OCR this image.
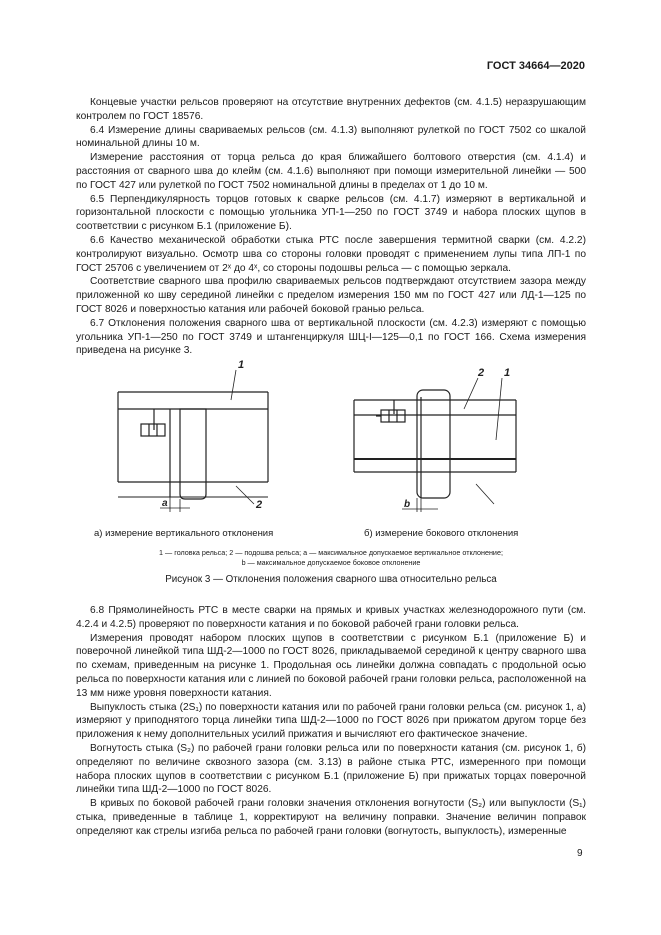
ГОСТ 34664—2020

Концевые участки рельсов проверяют на отсутствие внутренних дефектов (см. 4.1.5) неразрушающим контролем по ГОСТ 18576.

6.4 Измерение длины свариваемых рельсов (см. 4.1.3) выполняют рулеткой по ГОСТ 7502 со шкалой номинальной длины 10 м.

Измерение расстояния от торца рельса до края ближайшего болтового отверстия (см. 4.1.4) и расстояния от сварного шва до клейм (см. 4.1.6) выполняют при помощи измерительной линейки — 500 по ГОСТ 427 или рулеткой по ГОСТ 7502 номинальной длины в пределах от 1 до 10 м.

6.5 Перпендикулярность торцов готовых к сварке рельсов (см. 4.1.7) измеряют в вертикальной и горизонтальной плоскости с помощью угольника УП-1—250 по ГОСТ 3749 и набора плоских щупов в соответствии с рисунком Б.1 (приложение Б).

6.6 Качество механической обработки стыка РТС после завершения термитной сварки (см. 4.2.2) контролируют визуально. Осмотр шва со стороны головки проводят с применением лупы типа ЛП-1 по ГОСТ 25706 с увеличением от 2ˣ до 4ˣ, со стороны подошвы рельса — с помощью зеркала.

Соответствие сварного шва профилю свариваемых рельсов подтверждают отсутствием зазора между приложенной ко шву серединой линейки с пределом измерения 150 мм по ГОСТ 427 или ЛД-1—125 по ГОСТ 8026 и поверхностью катания или рабочей боковой гранью рельса.

6.7 Отклонения положения сварного шва от вертикальной плоскости (см. 4.2.3) измеряют с помощью угольника УП-1—250 по ГОСТ 3749 и штангенциркуля ШЦ-I—125—0,1 по ГОСТ 166. Схема измерения приведена на рисунке 3.

1
2
a
1
2
b
а) измерение вертикального отклонения	б) измерение бокового отклонения
1 — головка рельса; 2 — подошва рельса; a — максимальное допускаемое вертикальное отклонение;
b — максимальное допускаемое боковое отклонение
Рисунок 3 — Отклонения положения сварного шва относительно рельса

6.8 Прямолинейность РТС в месте сварки на прямых и кривых участках железнодорожного пути (см. 4.2.4 и 4.2.5) проверяют по поверхности катания и по боковой рабочей грани головки рельса.

Измерения проводят набором плоских щупов в соответствии с рисунком Б.1 (приложение Б) и поверочной линейкой типа ШД-2—1000 по ГОСТ 8026, прикладываемой серединой к центру сварного шва по схемам, приведенным на рисунке 1. Продольная ось линейки должна совпадать с продольной осью рельса по поверхности катания или с линией по боковой рабочей грани головки рельса, расположенной на 13 мм ниже уровня поверхности катания.

Выпуклость стыка (2S₁) по поверхности катания или по рабочей грани головки рельса (см. рисунок 1, а) измеряют у приподнятого торца линейки типа ШД-2—1000 по ГОСТ 8026 при прижатом другом торце без приложения к нему дополнительных усилий прижатия и вычисляют его фактическое значение.

Вогнутость стыка (S₂) по рабочей грани головки рельса или по поверхности катания (см. рисунок 1, б) определяют по величине сквозного зазора (см. 3.13) в районе стыка РТС, измеренного при помощи набора плоских щупов в соответствии с рисунком Б.1 (приложение Б) при прижатых торцах поверочной линейки типа ШД-2—1000 по ГОСТ 8026.

В кривых по боковой рабочей грани головки значения отклонения вогнутости (S₂) или выпуклости (S₁) стыка, приведенные в таблице 1, корректируют на величину поправки. Значение величин поправок определяют как стрелы изгиба рельса по рабочей грани головки (вогнутость, выпуклость), измеренные

9
